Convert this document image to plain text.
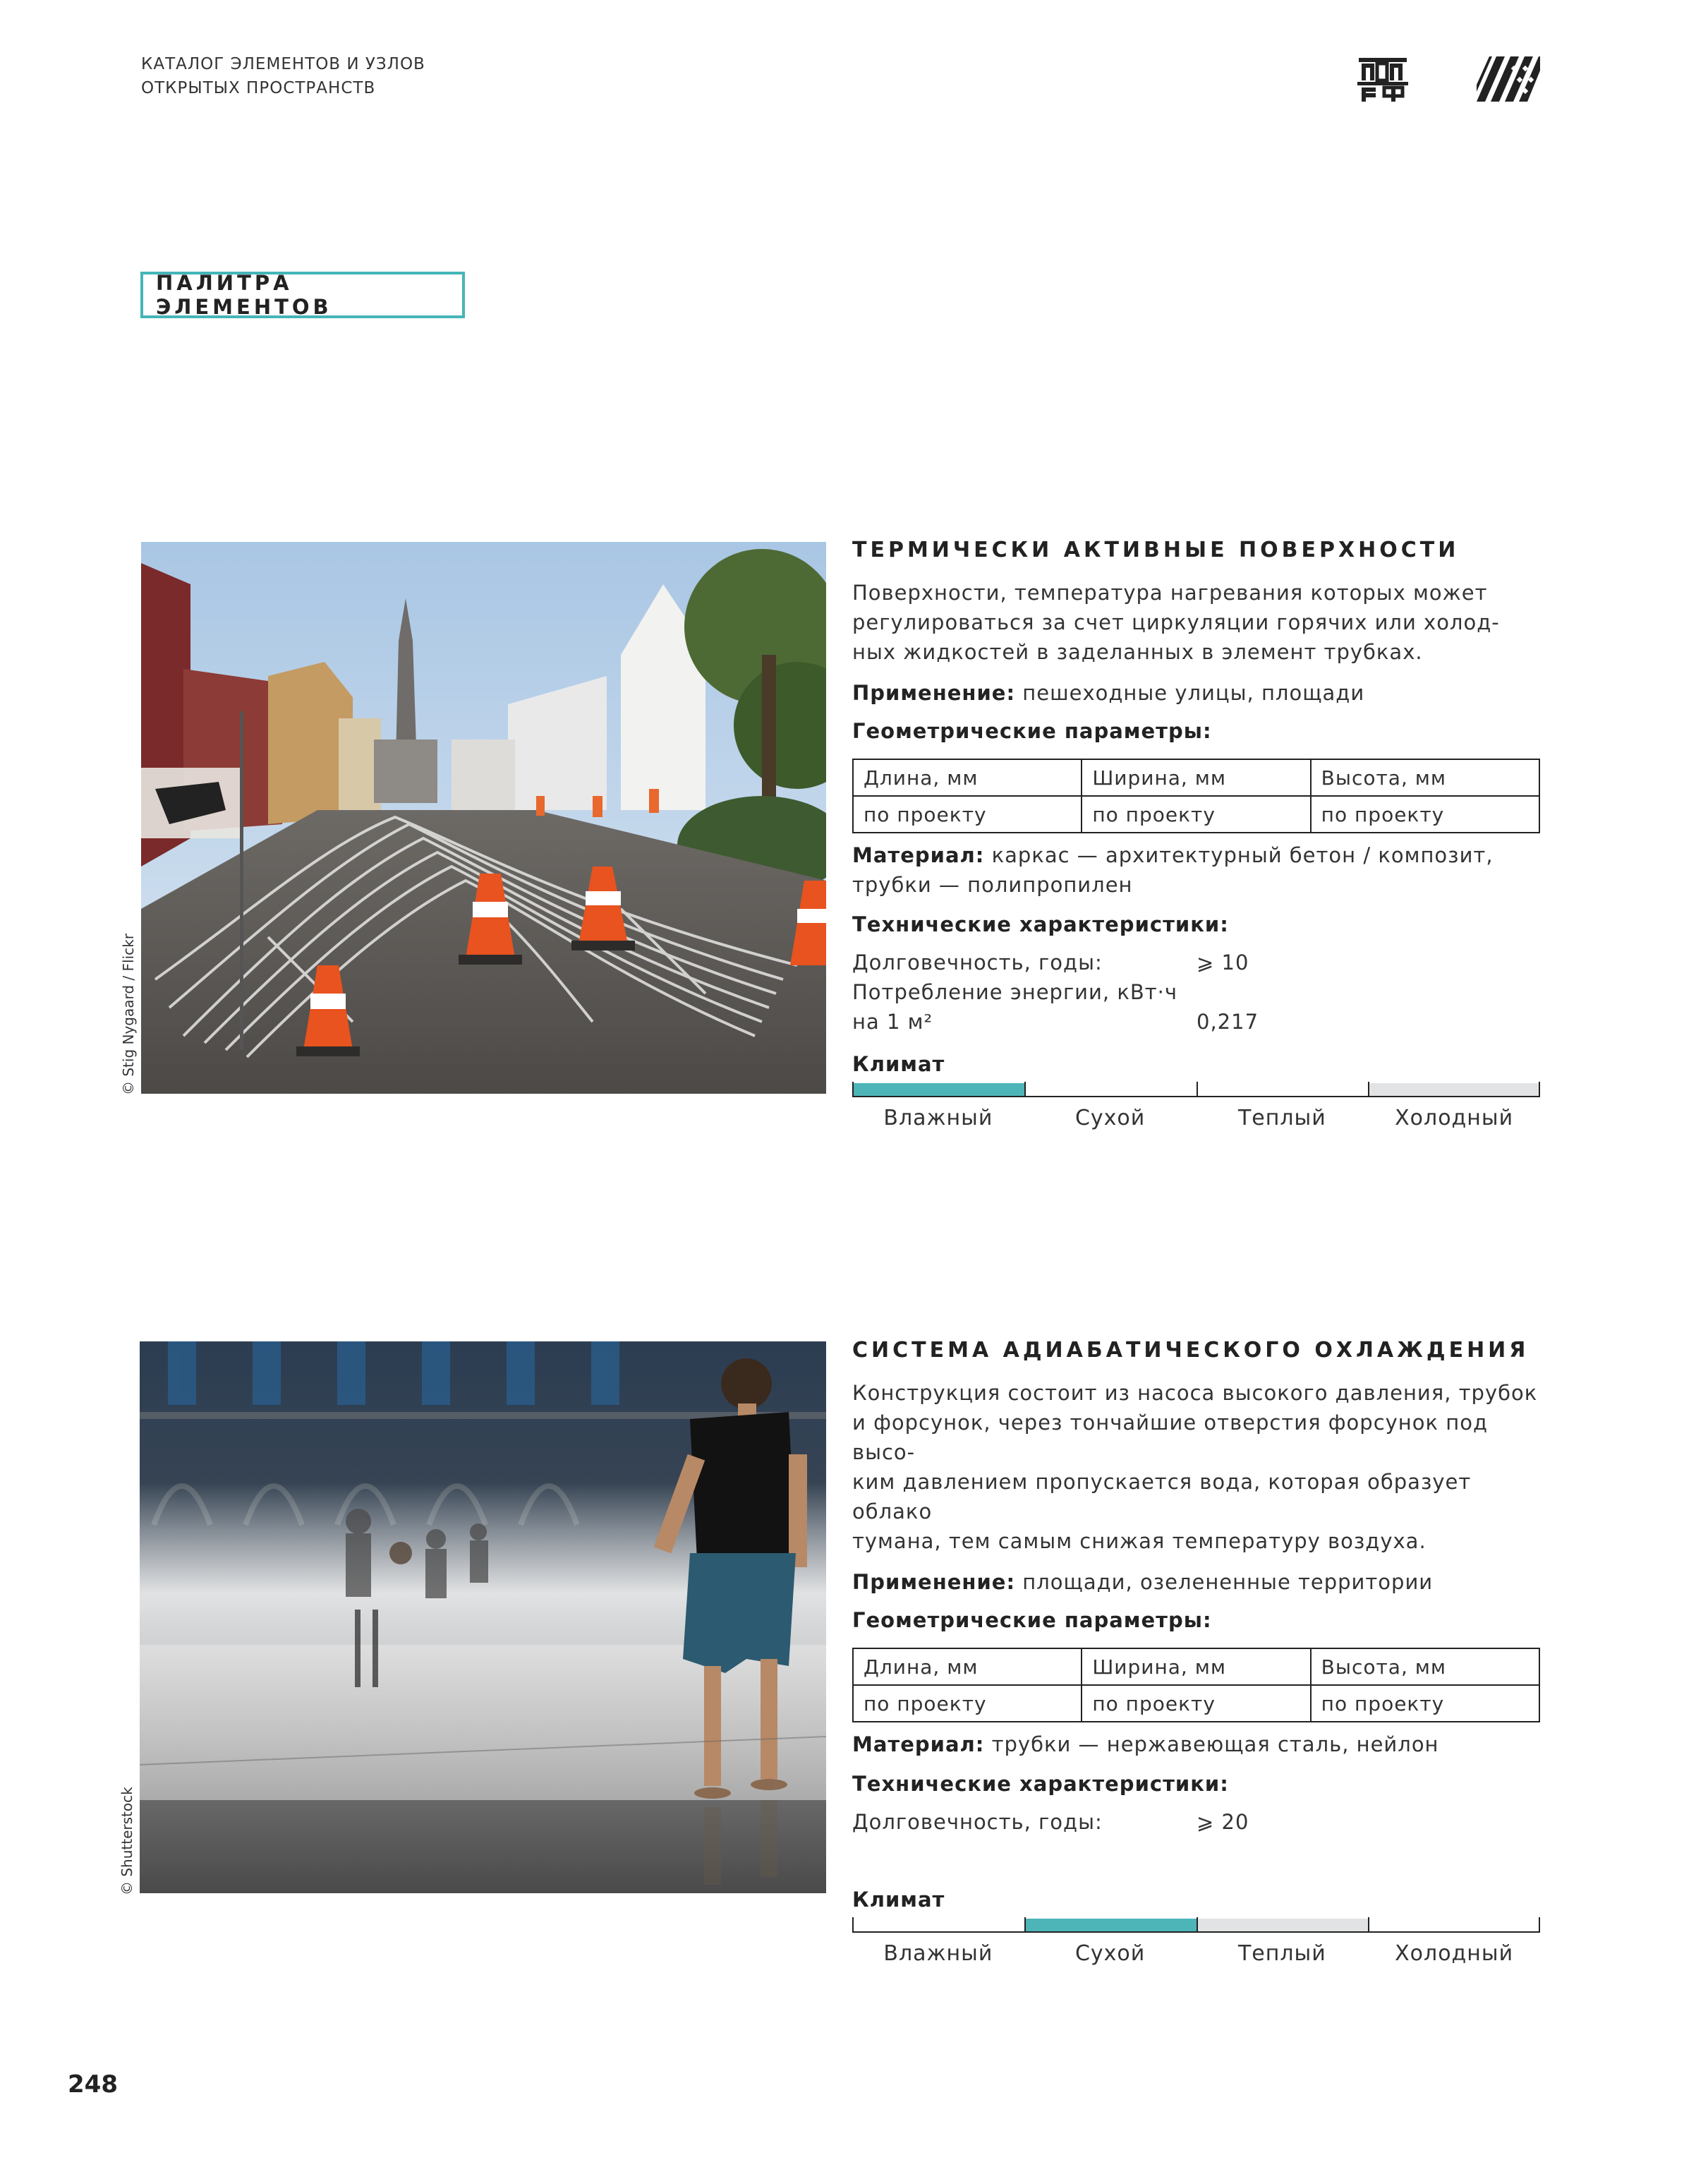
КАТАЛОГ ЭЛЕМЕНТОВ И УЗЛОВ
ОТКРЫТЫХ ПРОСТРАНСТВ
ПАЛИТРА ЭЛЕМЕНТОВ
© Stig Nygaard / Flickr
ТЕРМИЧЕСКИ АКТИВНЫЕ ПОВЕРХНОСТИ
Поверхности, температура нагревания которых может
регулироваться за счет циркуляции горячих или холод-
ных жидкостей в заделанных в элемент трубках.
Применение: пешеходные улицы, площади
Геометрические параметры:
Длина, мм	Ширина, мм	Высота, мм
по проекту	по проекту	по проекту
Материал: каркас — архитектурный бетон / композит,
трубки — полипропилен
Технические характеристики:
Долговечность, годы:	⩾ 10
Потребление энергии, кВт·ч
на 1 м²	0,217
Климат
Влажный	Сухой	Теплый	Холодный
© Shutterstock
СИСТЕМА АДИАБАТИЧЕСКОГО ОХЛАЖДЕНИЯ
Конструкция состоит из насоса высокого давления, трубок
и форсунок, через тончайшие отверстия форсунок под высо-
ким давлением пропускается вода, которая образует облако
тумана, тем самым снижая температуру воздуха.
Применение: площади, озелененные территории
Геометрические параметры:
Длина, мм	Ширина, мм	Высота, мм
по проекту	по проекту	по проекту
Материал: трубки — нержавеющая сталь, нейлон
Технические характеристики:
Долговечность, годы:	⩾ 20
Климат
Влажный	Сухой	Теплый	Холодный
248
